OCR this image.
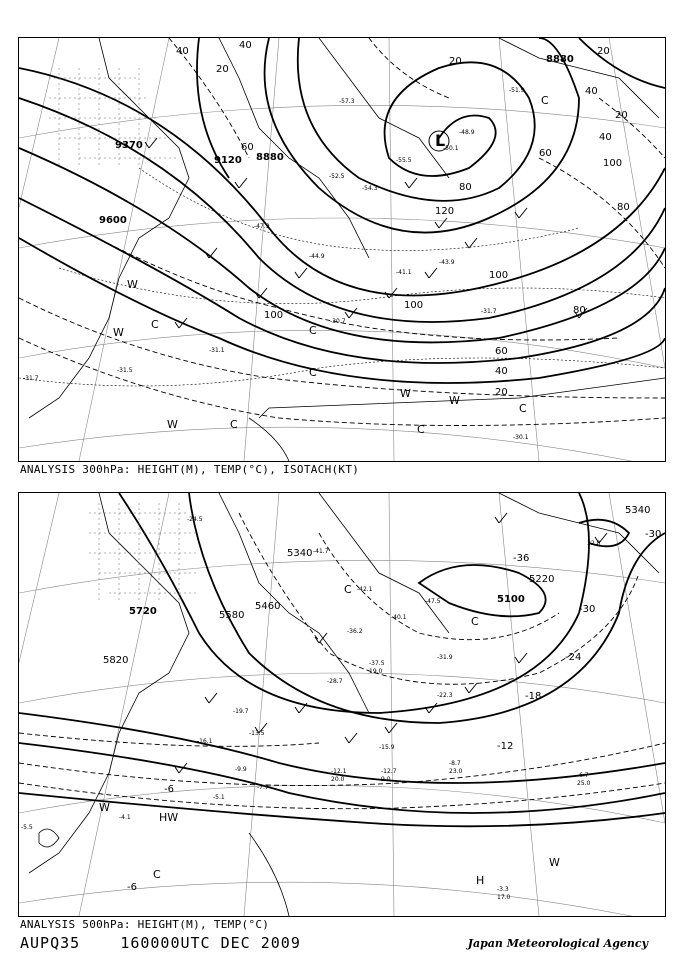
9370
9120 8880
9600
8880
40
20
40
60
20
20
40
60
100
80
40
100	80
20
120
80
100
60
40
20
100
-31.7
-30.1
-31.1
-31.5
-30.7
-31.7
-43.9
-41.1
-47.9
-44.9
-48.9
-50.1
-54.3
-52.5
-55.5
-57.3
-51.9
L
W
W
C
C
W
W
C
C
C
W
C
C
ANALYSIS 300hPa: HEIGHT(M), TEMP(°C), ISOTACH(KT)
5720
5820
5580
5460
5340
5100
5220
5340
-30
-24
-18
-12
-6
-6
-36
-30
-42.1
-41.7
-47.5
-40.1
-36.2
-37.5
-31.9
-28.7
-22.3
-16.1
-12.1
-15.9
-12.7
-8.7
-6.7
-5.1
-3.3
-4.1
-5.5
-7.7
-9.9
-13.5
-19.7
-24.5
17.0
25.0
23.0
20.0	9.0
19.0
32.0
C
C
W
HW
C	H
W
ANALYSIS 500hPa: HEIGHT(M), TEMP(°C)
AUPQ35	160000UTC DEC 2009	Japan Meteorological Agency
